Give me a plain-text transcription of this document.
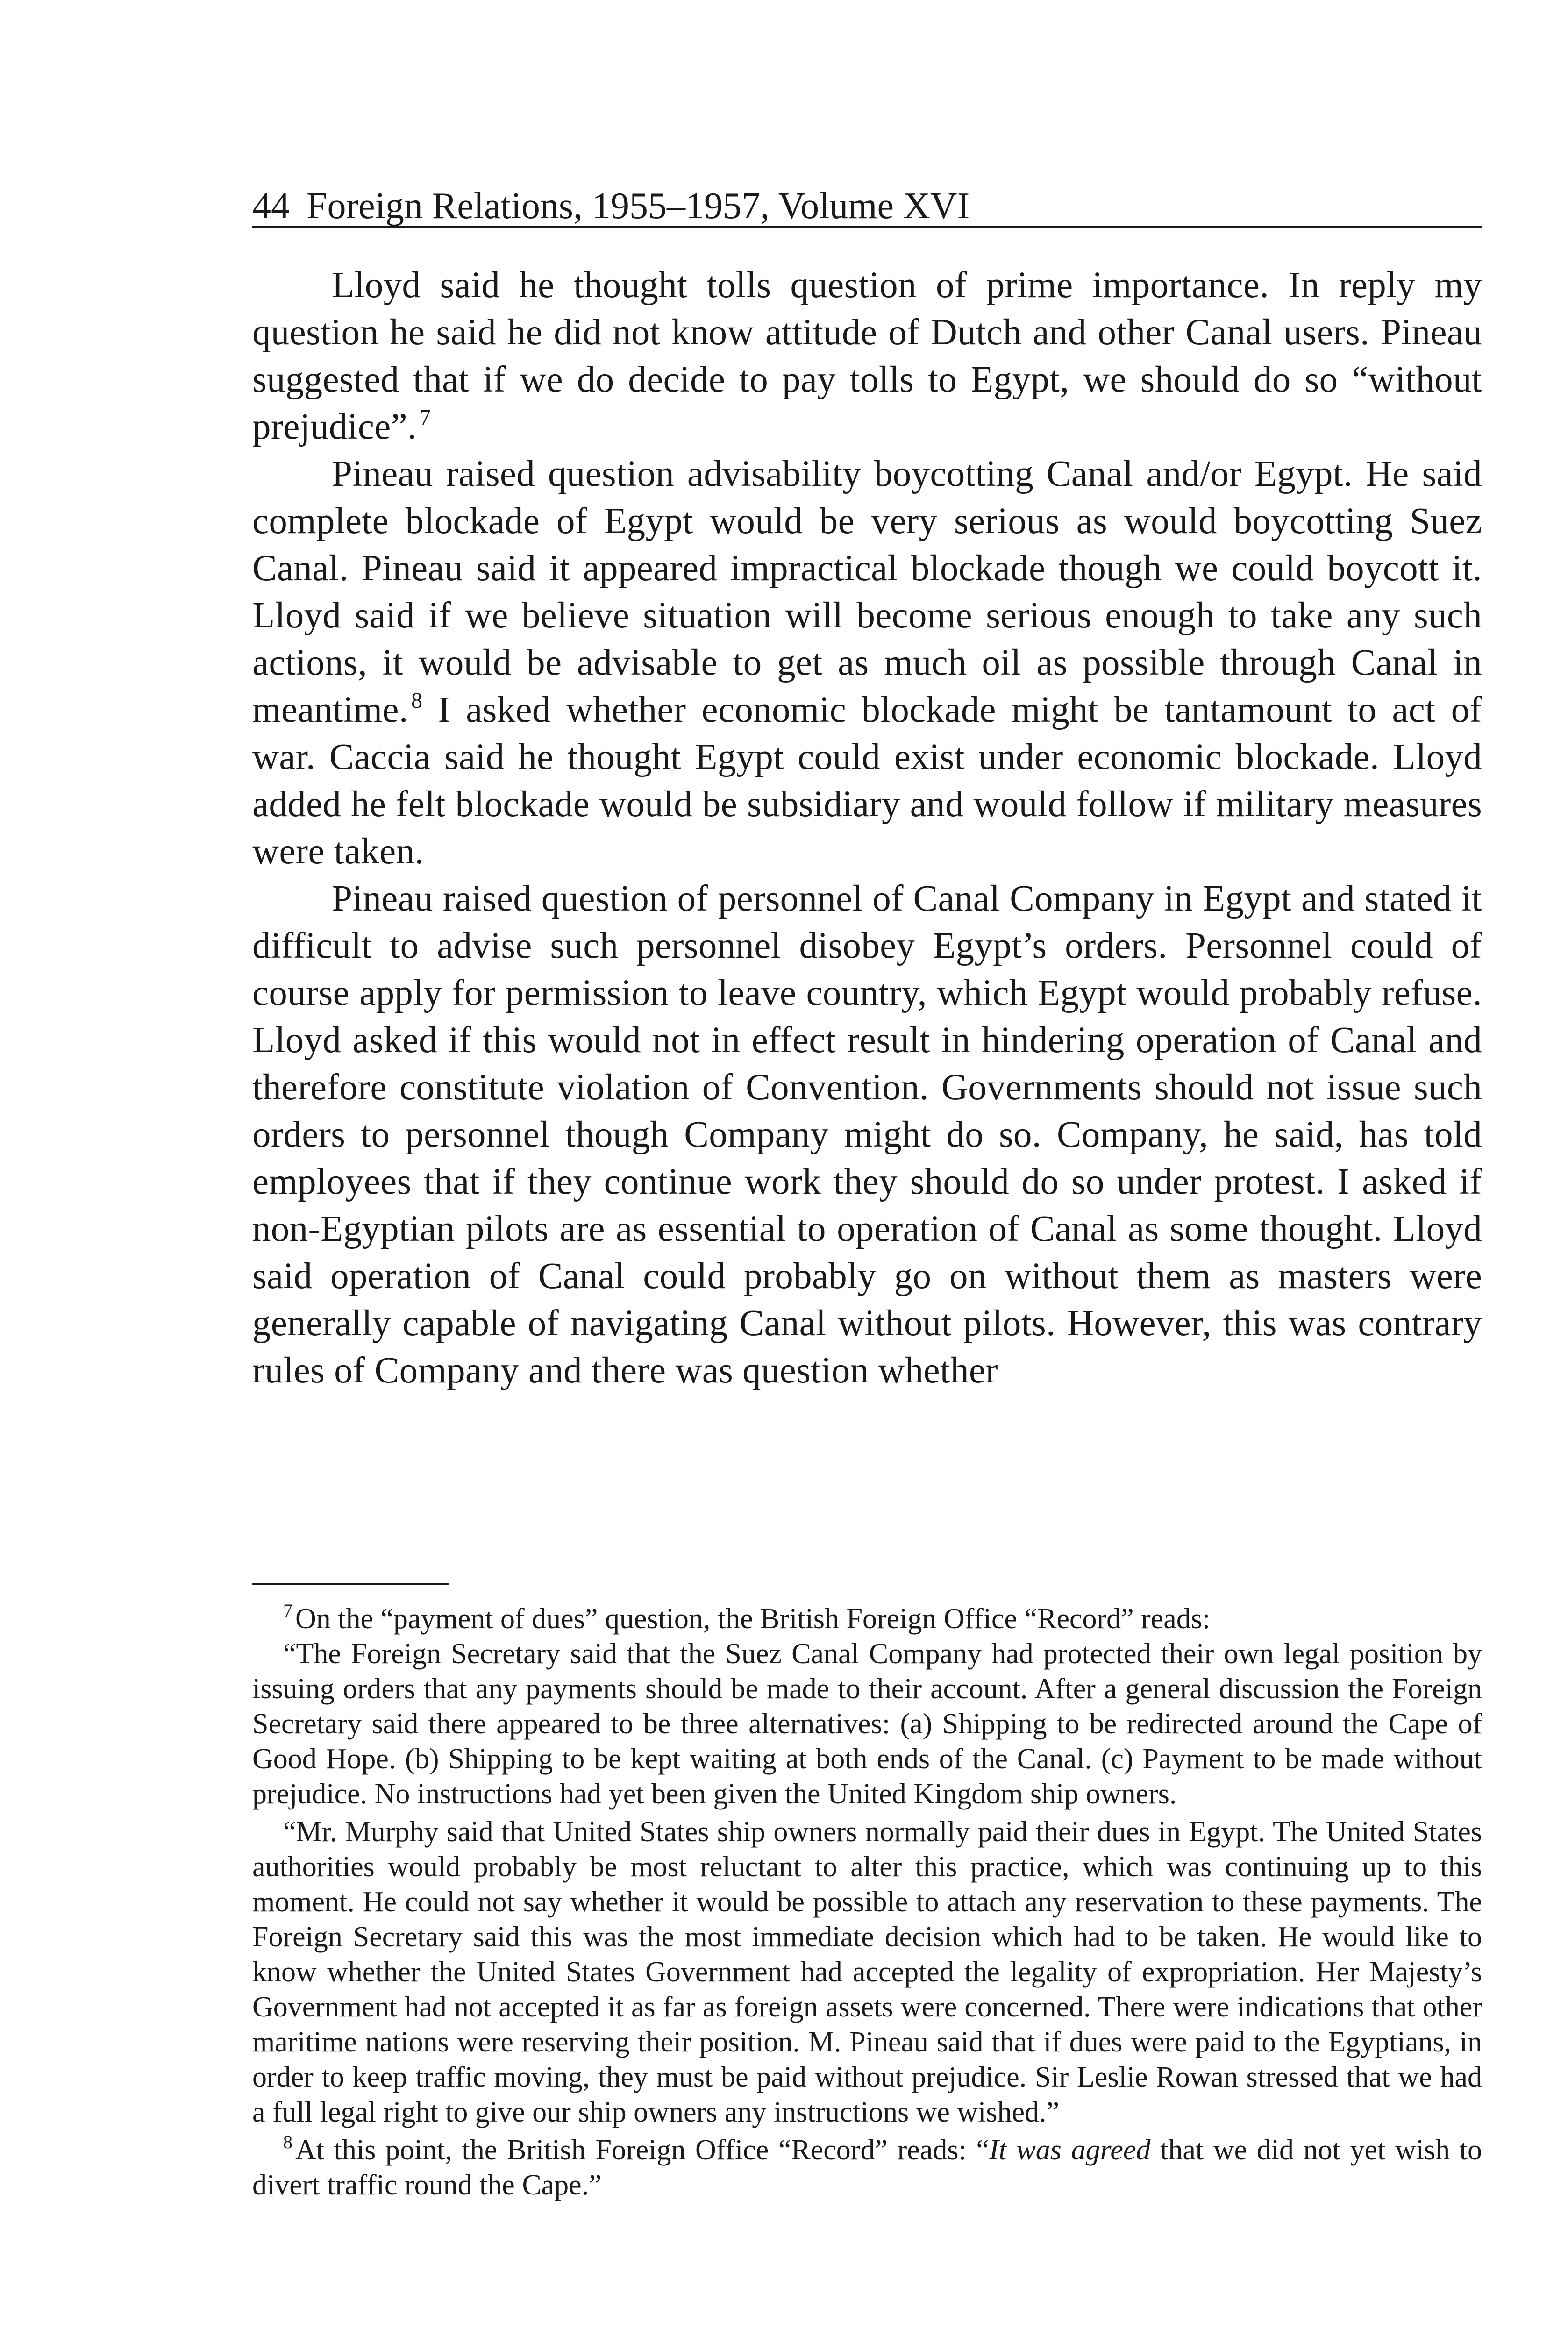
44 Foreign Relations, 1955–1957, Volume XVI

Lloyd said he thought tolls question of prime importance. In reply my question he said he did not know attitude of Dutch and other Canal users. Pineau suggested that if we do decide to pay tolls to Egypt, we should do so “without prejudice”. $^7$

Pineau raised question advisability boycotting Canal and/or Egypt. He said complete blockade of Egypt would be very serious as would boycotting Suez Canal. Pineau said it appeared impractical blockade though we could boycott it. Lloyd said if we believe situation will become serious enough to take any such actions, it would be advisable to get as much oil as possible through Canal in meantime. $^8$ I asked whether economic blockade might be tantamount to act of war. Caccia said he thought Egypt could exist under economic blockade. Lloyd added he felt blockade would be subsidiary and would follow if military measures were taken.

Pineau raised question of personnel of Canal Company in Egypt and stated it difficult to advise such personnel disobey Egypt’s orders. Personnel could of course apply for permission to leave country, which Egypt would probably refuse. Lloyd asked if this would not in effect result in hindering operation of Canal and therefore constitute violation of Convention. Governments should not issue such orders to personnel though Company might do so. Company, he said, has told employees that if they continue work they should do so under protest. I asked if non-Egyptian pilots are as essential to operation of Canal as some thought. Lloyd said operation of Canal could probably go on without them as masters were generally capable of navigating Canal without pilots. However, this was contrary rules of Company and there was question whether

$^7$On the “payment of dues” question, the British Foreign Office “Record” reads:

“The Foreign Secretary said that the Suez Canal Company had protected their own legal position by issuing orders that any payments should be made to their account. After a general discussion the Foreign Secretary said there appeared to be three alternatives: (a) Shipping to be redirected around the Cape of Good Hope. (b) Shipping to be kept waiting at both ends of the Canal. (c) Payment to be made without prejudice. No instructions had yet been given the United Kingdom ship owners.

“Mr. Murphy said that United States ship owners normally paid their dues in Egypt. The United States authorities would probably be most reluctant to alter this practice, which was continuing up to this moment. He could not say whether it would be possible to attach any reservation to these payments. The Foreign Secretary said this was the most immediate decision which had to be taken. He would like to know whether the United States Government had accepted the legality of expropriation. Her Majesty’s Government had not accepted it as far as foreign assets were concerned. There were indications that other maritime nations were reserving their position. M. Pineau said that if dues were paid to the Egyptians, in order to keep traffic moving, they must be paid without prejudice. Sir Leslie Rowan stressed that we had a full legal right to give our ship owners any instructions we wished.”

$^8$At this point, the British Foreign Office “Record” reads: “It was agreed that we did not yet wish to divert traffic round the Cape.”
